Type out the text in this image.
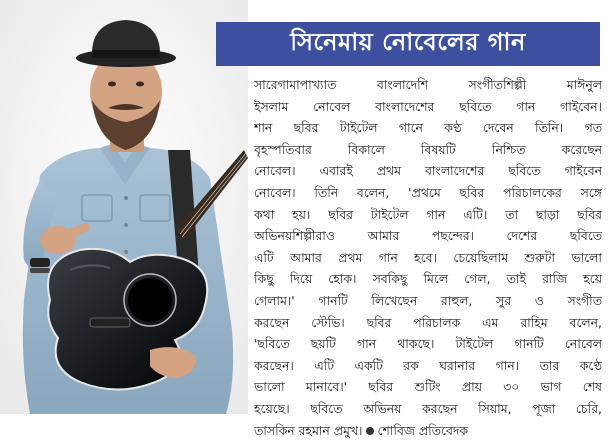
সিনেমায় নোবেলের গান
সারেগামাপাখ্যাত বাংলাদেশি সংগীতশিল্পী মাঈনুল
ইসলাম নোবেল বাংলাদেশের ছবিতে গান গাইবেন।
শান ছবির টাইটেল গানে কণ্ঠ দেবেন তিনি। গত
বৃহস্পতিবার বিকালে বিষয়টি নিশ্চিত করেছেন
নোবেল। এবারই প্রথম বাংলাদেশের ছবিতে গাইবেন
নোবেল। তিনি বলেন, 'প্রথমে ছবির পরিচালকের সঙ্গে
কথা হয়। ছবির টাইটেল গান এটি। তা ছাড়া ছবির
অভিনয়শিল্পীরাও আমার পছন্দের। দেশের ছবিতে
এটি আমার প্রথম গান হবে। চেয়েছিলাম শুরুটা ভালো
কিছু দিয়ে হোক। সবকিছু মিলে গেল, তাই রাজি হয়ে
গেলাম।' গানটি লিখেছেন রাহুল, সুর ও সংগীত
করছেন স্টেভি। ছবির পরিচালক এম রাহিম বলেন,
'ছবিতে ছয়টি গান থাকছে। টাইটেল গানটি নোবেল
করছেন। এটি একটি রক ঘরানার গান। তার কণ্ঠে
ভালো মানাবে।' ছবির শুটিং প্রায় ৩০ ভাগ শেষ
হয়েছে। ছবিতে অভিনয় করছেন সিয়াম, পূজা চেরি,
তাসকিন রহমান প্রমুখ। শোবিজ প্রতিবেদক
